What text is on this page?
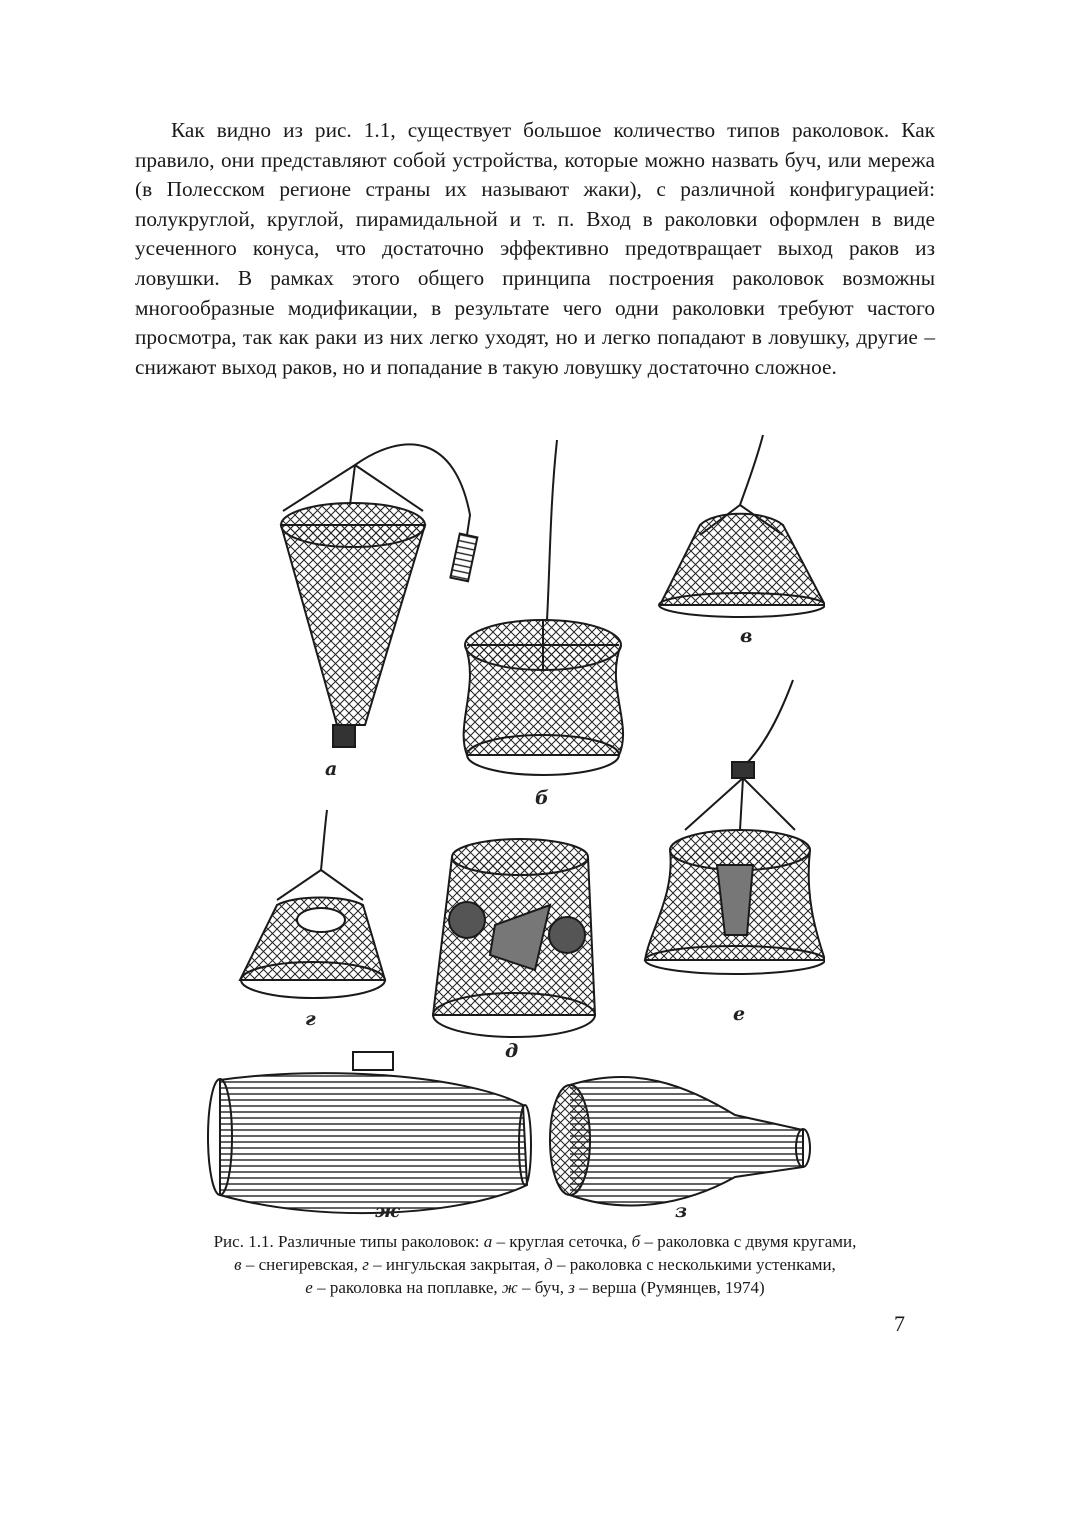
Как видно из рис. 1.1, существует большое количество типов раколовок. Как правило, они представляют собой устройства, которые можно назвать буч, или мережа (в Полесском регионе страны их называют жаки), с различной конфигурацией: полукруглой, круглой, пирамидальной и т. п. Вход в раколовки оформлен в виде усеченного конуса, что достаточно эффективно предотвращает выход раков из ловушки. В рамках этого общего принципа построения раколовок возможны многообразные модификации, в результате чего одни раколовки требуют частого просмотра, так как раки из них легко уходят, но и легко попадают в ловушку, другие – снижают выход раков, но и попадание в такую ловушку достаточно сложное.

а
б
в
г
д
е
ж	з
Рис. 1.1. Различные типы раколовок: а – круглая сеточка, б – раколовка с двумя кругами,
в – снегиревская, г – ингульская закрытая, д – раколовка с несколькими устенками,
е – раколовка на поплавке, ж – буч, з – верша (Румянцев, 1974)
7
